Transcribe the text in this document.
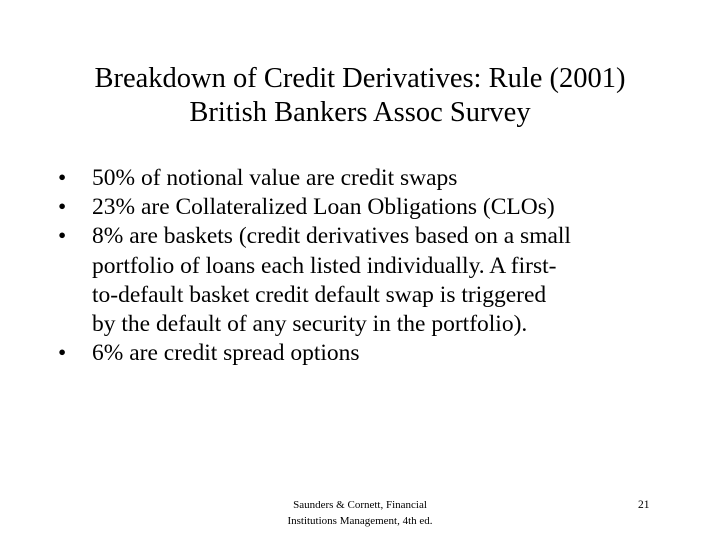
Breakdown of Credit Derivatives: Rule (2001)
British Bankers Assoc Survey
• 50% of notional value are credit swaps
• 23% are Collateralized Loan Obligations (CLOs)
• 8% are baskets (credit derivatives based on a small
portfolio of loans each listed individually. A first-
to-default basket credit default swap is triggered
by the default of any security in the portfolio).
• 6% are credit spread options
Saunders & Cornett, Financial
Institutions Management, 4th ed.
21
